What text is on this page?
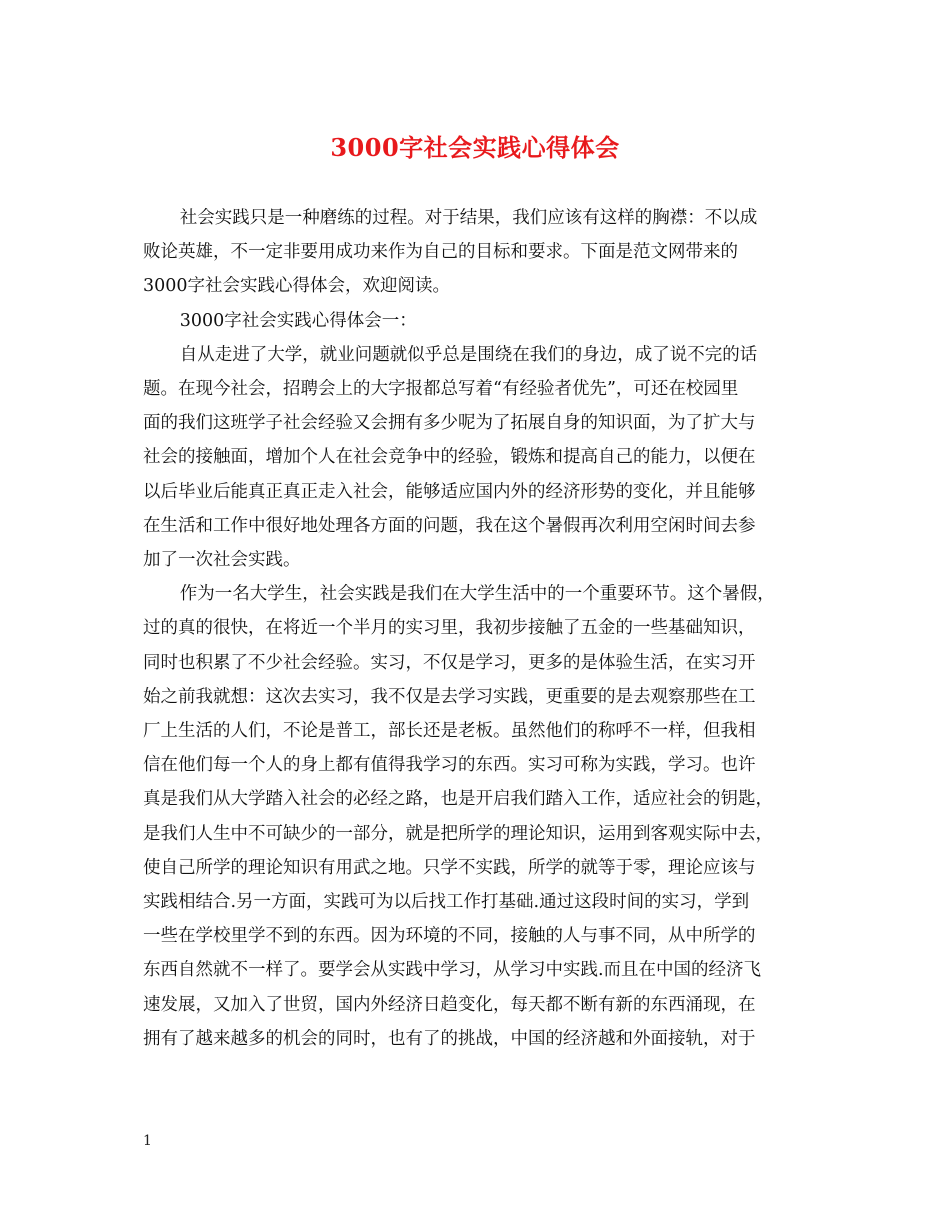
3000字社会实践心得体会

社会实践只是一种磨练的过程。对于结果，我们应该有这样的胸襟：不以成
败论英雄，不一定非要用成功来作为自己的目标和要求。下面是范文网带来的
3000字社会实践心得体会，欢迎阅读。

3000字社会实践心得体会一：

自从走进了大学，就业问题就似乎总是围绕在我们的身边，成了说不完的话
题。在现今社会，招聘会上的大字报都总写着“有经验者优先”，可还在校园里
面的我们这班学子社会经验又会拥有多少呢为了拓展自身的知识面，为了扩大与
社会的接触面，增加个人在社会竞争中的经验，锻炼和提高自己的能力，以便在
以后毕业后能真正真正走入社会，能够适应国内外的经济形势的变化，并且能够
在生活和工作中很好地处理各方面的问题，我在这个暑假再次利用空闲时间去参
加了一次社会实践。

作为一名大学生，社会实践是我们在大学生活中的一个重要环节。这个暑假，
过的真的很快，在将近一个半月的实习里，我初步接触了五金的一些基础知识，
同时也积累了不少社会经验。实习，不仅是学习，更多的是体验生活，在实习开
始之前我就想：这次去实习，我不仅是去学习实践，更重要的是去观察那些在工
厂上生活的人们，不论是普工，部长还是老板。虽然他们的称呼不一样，但我相
信在他们每一个人的身上都有值得我学习的东西。实习可称为实践，学习。也许
真是我们从大学踏入社会的必经之路，也是开启我们踏入工作，适应社会的钥匙，
是我们人生中不可缺少的一部分，就是把所学的理论知识，运用到客观实际中去，
使自己所学的理论知识有用武之地。只学不实践，所学的就等于零，理论应该与
实践相结合.另一方面，实践可为以后找工作打基础.通过这段时间的实习，学到
一些在学校里学不到的东西。因为环境的不同，接触的人与事不同，从中所学的
东西自然就不一样了。要学会从实践中学习，从学习中实践.而且在中国的经济飞
速发展，又加入了世贸，国内外经济日趋变化，每天都不断有新的东西涌现，在
拥有了越来越多的机会的同时，也有了的挑战，中国的经济越和外面接轨，对于

1
